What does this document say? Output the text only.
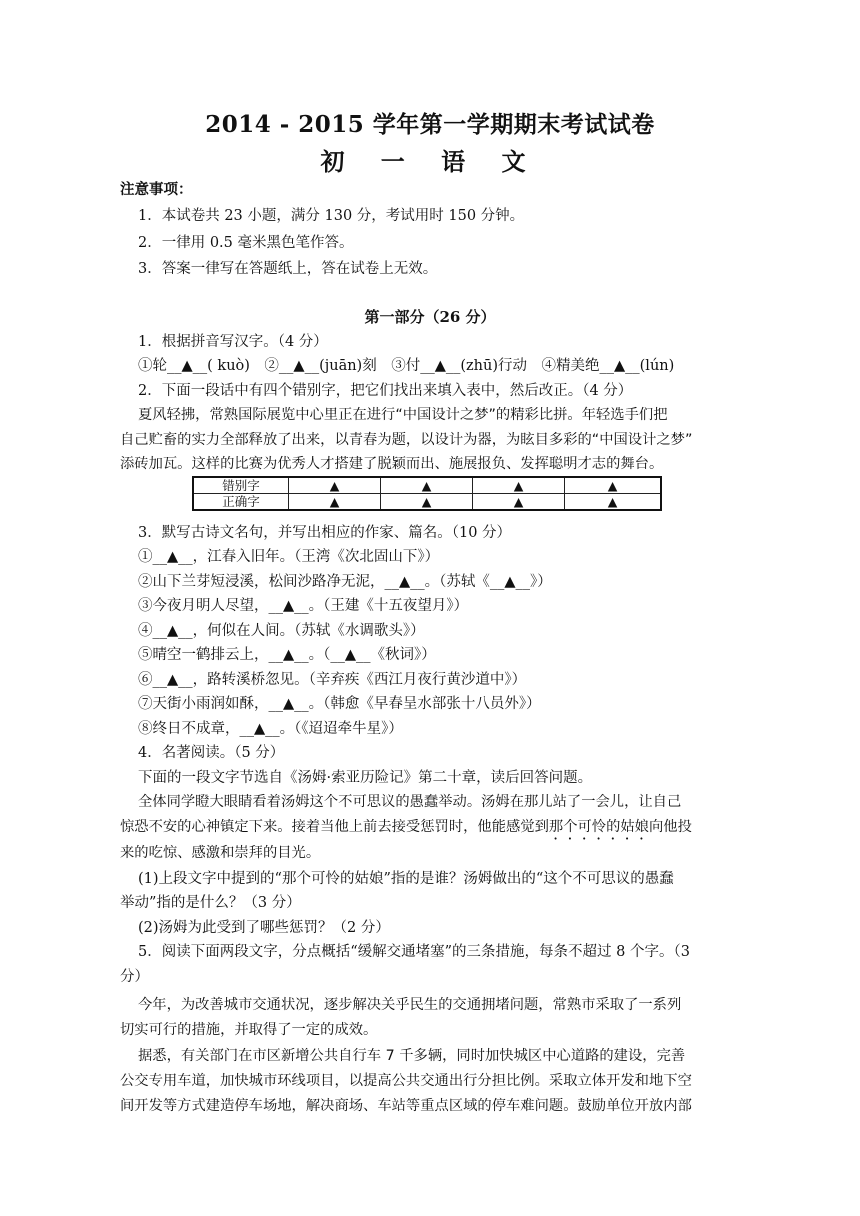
2014 - 2015 学年第一学期期末考试试卷
初 一 语 文
注意事项：
1．本试卷共 23 小题，满分 130 分，考试用时 150 分钟。
2．一律用 0.5 毫米黑色笔作答。
3．答案一律写在答题纸上，答在试卷上无效。
第一部分（26 分）
1．根据拼音写汉字。（4 分）
①轮__▲__( kuò)　②__▲__(juān)刻　③付__▲__(zhū)行动　④精美绝__▲__(lún)
2．下面一段话中有四个错别字，把它们找出来填入表中，然后改正。（4 分）
夏风轻拂，常熟国际展览中心里正在进行“中国设计之梦”的精彩比拼。年轻选手们把
自己贮畜的实力全部释放了出来，以青春为题，以设计为器，为眩目多彩的“中国设计之梦”
添砖加瓦。这样的比赛为优秀人才搭建了脱颖而出、施展报负、发挥聪明才志的舞台。
错别字	▲	▲	▲	▲
正确字	▲	▲	▲	▲
3．默写古诗文名句，并写出相应的作家、篇名。（10 分）
①__▲__，江春入旧年。（王湾《次北固山下》）
②山下兰芽短浸溪，松间沙路净无泥，__▲__。（苏轼《__▲__》）
③今夜月明人尽望，__▲__。（王建《十五夜望月》）
④__▲__，何似在人间。（苏轼《水调歌头》）
⑤晴空一鹤排云上，__▲__。（__▲__《秋词》）
⑥__▲__，路转溪桥忽见。（辛弃疾《西江月夜行黄沙道中》）
⑦天街小雨润如酥，__▲__。（韩愈《早春呈水部张十八员外》）
⑧终日不成章，__▲__。（《迢迢牵牛星》）
4．名著阅读。（5 分）
下面的一段文字节选自《汤姆·索亚历险记》第二十章，读后回答问题。
全体同学瞪大眼睛看着汤姆这个不可思议的愚蠢举动。汤姆在那儿站了一会儿，让自己
惊恐不安的心神镇定下来。接着当他上前去接受惩罚时，他能感觉到那个可怜的姑娘向他投
来的吃惊、感激和崇拜的目光。
(1)上段文字中提到的“那个可怜的姑娘”指的是谁？汤姆做出的“这个不可思议的愚蠢
举动”指的是什么？（3 分）
(2)汤姆为此受到了哪些惩罚？（2 分）
5．阅读下面两段文字，分点概括“缓解交通堵塞”的三条措施，每条不超过 8 个字。（3
分）
今年，为改善城市交通状况，逐步解决关乎民生的交通拥堵问题，常熟市采取了一系列
切实可行的措施，并取得了一定的成效。
据悉，有关部门在市区新增公共自行车 7 千多辆，同时加快城区中心道路的建设，完善
公交专用车道，加快城市环线项目，以提高公共交通出行分担比例。采取立体开发和地下空
间开发等方式建造停车场地，解决商场、车站等重点区域的停车难问题。鼓励单位开放内部
